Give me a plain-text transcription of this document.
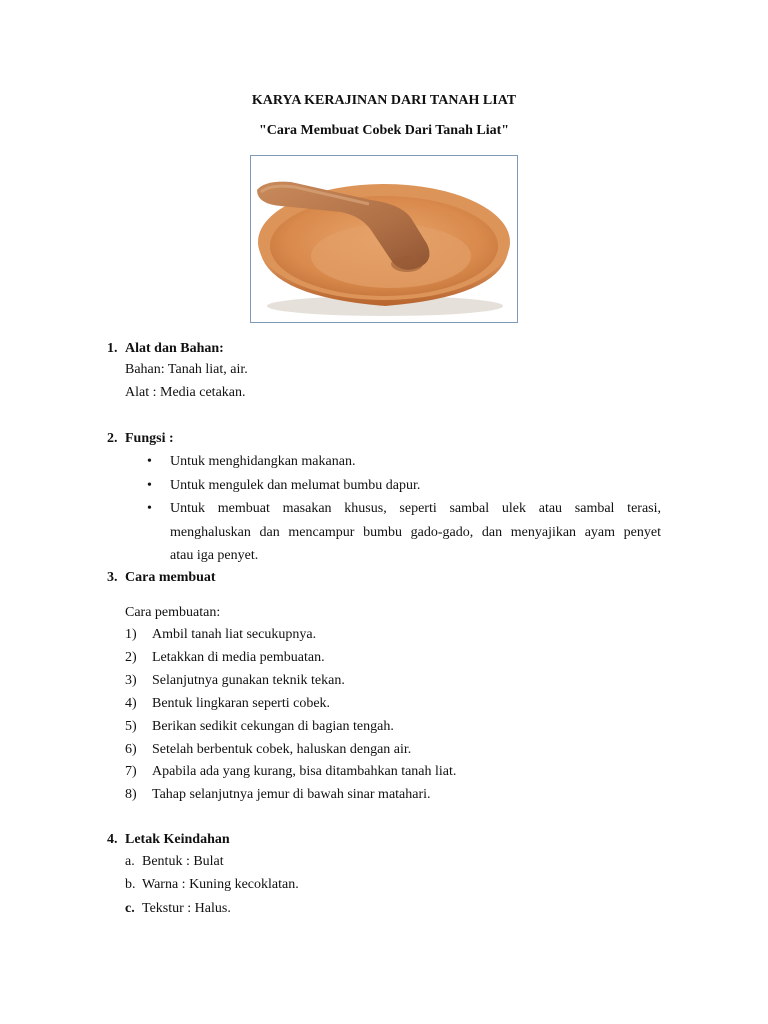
KARYA KERAJINAN DARI TANAH LIAT
"Cara Membuat Cobek Dari Tanah Liat"
1. Alat dan Bahan:
Bahan: Tanah liat, air.
Alat : Media cetakan.
2. Fungsi :
• Untuk menghidangkan makanan.
• Untuk mengulek dan melumat bumbu dapur.
• Untuk membuat masakan khusus, seperti sambal ulek atau sambal terasi,
menghaluskan dan mencampur bumbu gado-gado, dan menyajikan ayam penyet
atau iga penyet.
3. Cara membuat
Cara pembuatan:
1) Ambil tanah liat secukupnya.
2) Letakkan di media pembuatan.
3) Selanjutnya gunakan teknik tekan.
4) Bentuk lingkaran seperti cobek.
5) Berikan sedikit cekungan di bagian tengah.
6) Setelah berbentuk cobek, haluskan dengan air.
7) Apabila ada yang kurang, bisa ditambahkan tanah liat.
8) Tahap selanjutnya jemur di bawah sinar matahari.
4. Letak Keindahan
a. Bentuk : Bulat
b. Warna : Kuning kecoklatan.
c. Tekstur : Halus.
